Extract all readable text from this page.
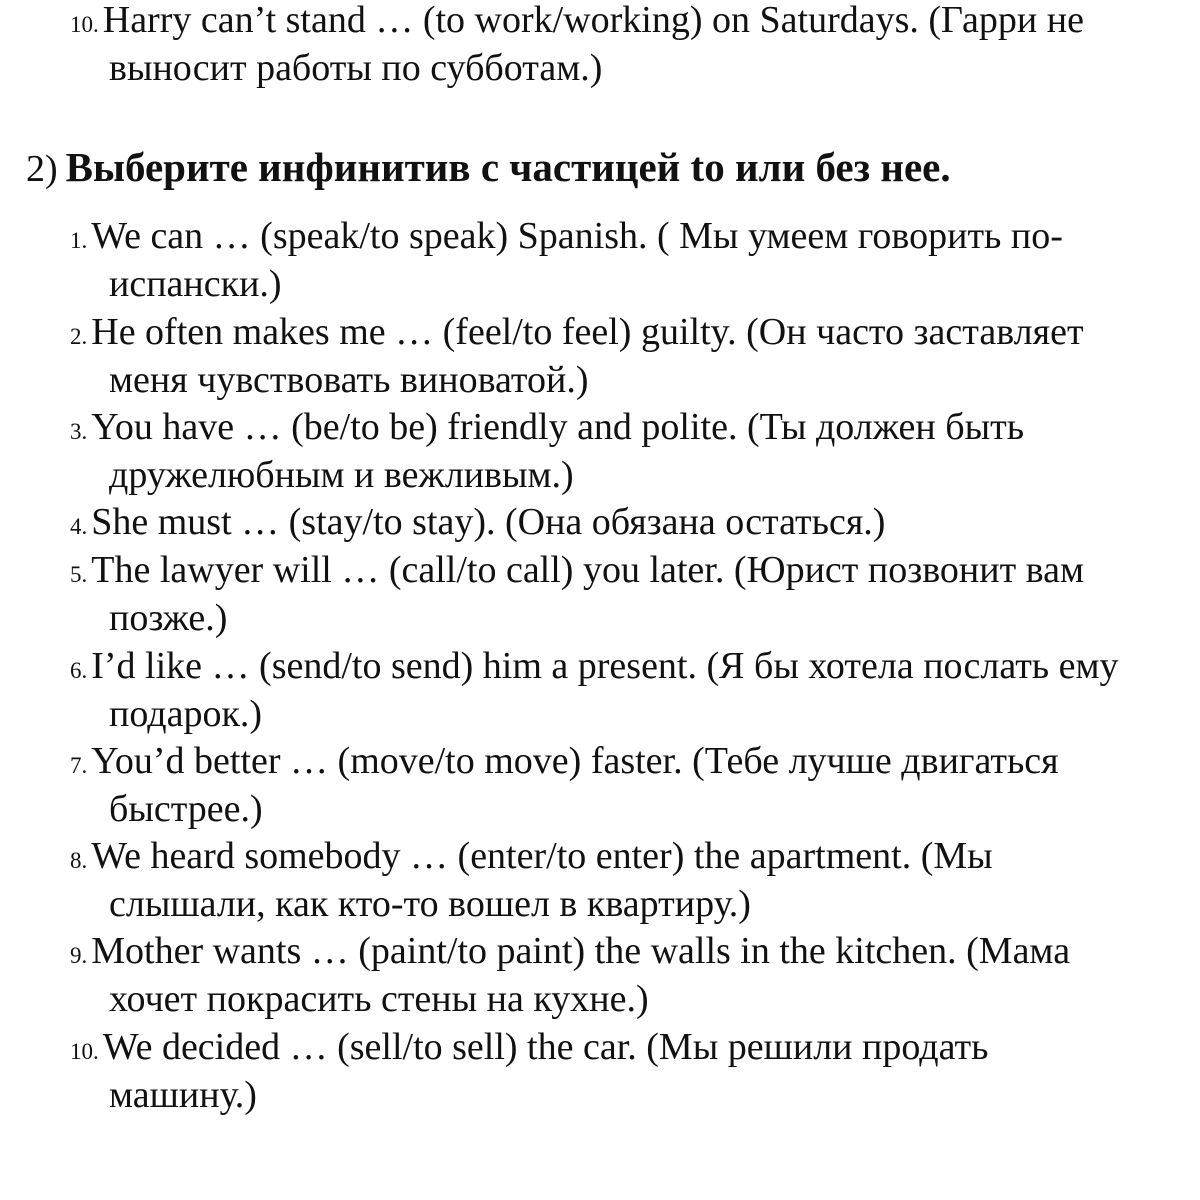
10. Harry can’t stand … (to work/working) on Saturdays. (Гарри не
выносит работы по субботам.)
2) Выберите инфинитив с частицей to или без нее.
1. We can … (speak/to speak) Spanish. ( Мы умеем говорить по-
испански.)
2. He often makes me … (feel/to feel) guilty. (Он часто заставляет
меня чувствовать виноватой.)
3. You have … (be/to be) friendly and polite. (Ты должен быть
дружелюбным и вежливым.)
4. She must … (stay/to stay). (Она обязана остаться.)
5. The lawyer will … (call/to call) you later. (Юрист позвонит вам
позже.)
6. I’d like … (send/to send) him a present. (Я бы хотела послать ему
подарок.)
7. You’d better … (move/to move) faster. (Тебе лучше двигаться
быстрее.)
8. We heard somebody … (enter/to enter) the apartment. (Мы
слышали, как кто-то вошел в квартиру.)
9. Mother wants … (paint/to paint) the walls in the kitchen. (Мама
хочет покрасить стены на кухне.)
10. We decided … (sell/to sell) the car. (Мы решили продать
машину.)
